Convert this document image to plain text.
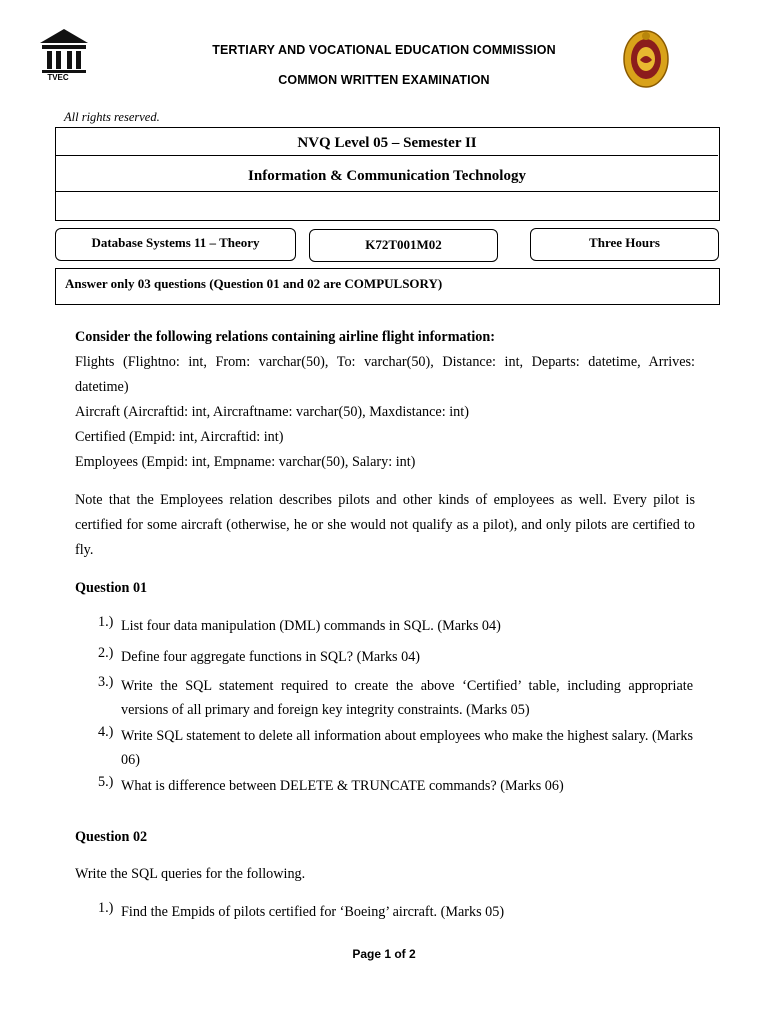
TVEC
TERTIARY AND VOCATIONAL EDUCATION COMMISSION
COMMON WRITTEN EXAMINATION
All rights reserved.
NVQ Level 05 – Semester II
Information & Communication Technology
Database Systems 11 – Theory	K72T001M02	Three Hours
Answer only 03 questions (Question 01 and 02 are COMPULSORY)
Consider the following relations containing airline flight information:
Flights (Flightno: int, From: varchar(50), To: varchar(50), Distance: int, Departs: datetime, Arrives: datetime)
Aircraft (Aircraftid: int, Aircraftname: varchar(50), Maxdistance: int)
Certified (Empid: int, Aircraftid: int)
Employees (Empid: int, Empname: varchar(50), Salary: int)
Note that the Employees relation describes pilots and other kinds of employees as well. Every pilot is certified for some aircraft (otherwise, he or she would not qualify as a pilot), and only pilots are certified to fly.
Question 01
1.) List four data manipulation (DML) commands in SQL. (Marks 04)
2.) Define four aggregate functions in SQL? (Marks 04)
3.) Write the SQL statement required to create the above ‘Certified’ table, including appropriate versions of all primary and foreign key integrity constraints. (Marks 05)
4.) Write SQL statement to delete all information about employees who make the highest salary. (Marks 06)
5.) What is difference between DELETE & TRUNCATE commands? (Marks 06)
Question 02
Write the SQL queries for the following.
1.) Find the Empids of pilots certified for ‘Boeing’ aircraft. (Marks 05)
Page 1 of 2
